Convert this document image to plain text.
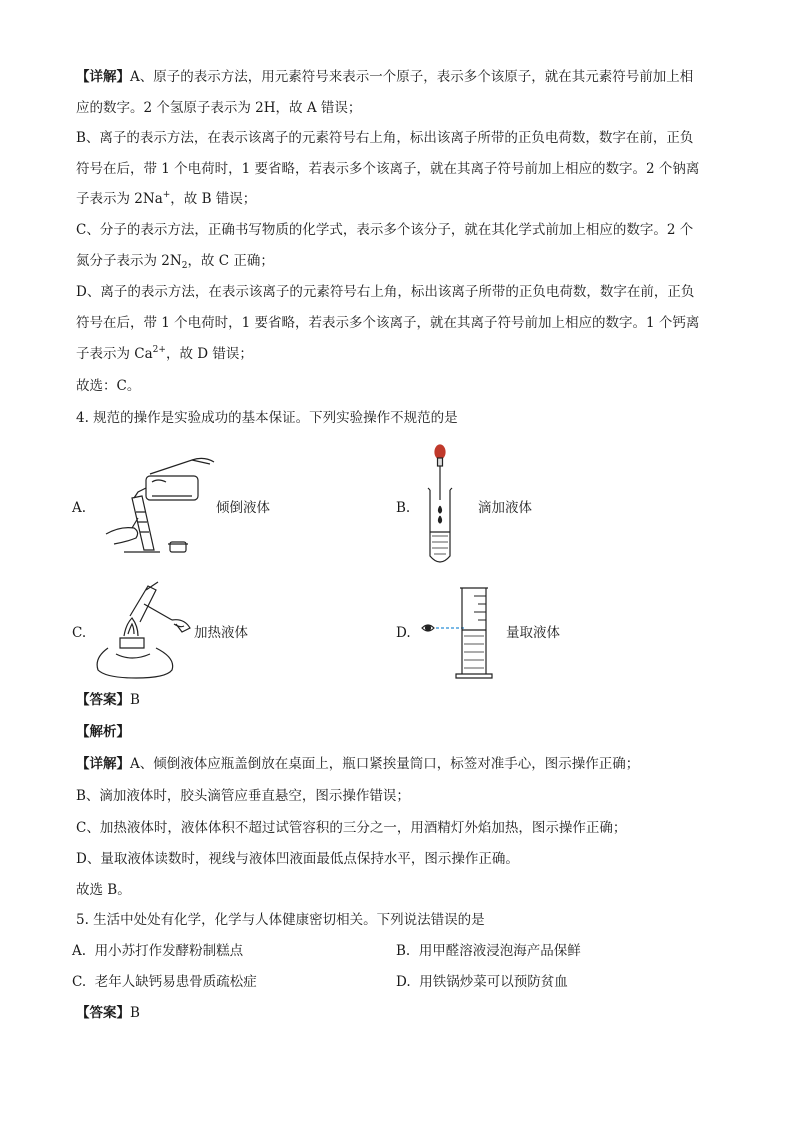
【详解】A、原子的表示方法，用元素符号来表示一个原子，表示多个该原子，就在其元素符号前加上相
应的数字。2 个氢原子表示为 2H，故 A 错误；
B、离子的表示方法，在表示该离子的元素符号右上角，标出该离子所带的正负电荷数，数字在前，正负
符号在后，带 1 个电荷时，1 要省略，若表示多个该离子，就在其离子符号前加上相应的数字。2 个钠离
子表示为 2Na+，故 B 错误；
C、分子的表示方法，正确书写物质的化学式，表示多个该分子，就在其化学式前加上相应的数字。2 个
氮分子表示为 $2N_2$，故 C 正确；
D、离子的表示方法，在表示该离子的元素符号右上角，标出该离子所带的正负电荷数，数字在前，正负
符号在后，带 1 个电荷时，1 要省略，若表示多个该离子，就在其离子符号前加上相应的数字。1 个钙离
子表示为 $Ca^{2+}$，故 D 错误；
故选：C。
4. 规范的操作是实验成功的基本保证。下列实验操作不规范的是
A.	倾倒液体	B.	滴加液体
C.	加热液体	D.	量取液体
【答案】B
【解析】
【详解】A、倾倒液体应瓶盖倒放在桌面上，瓶口紧挨量筒口，标签对准手心，图示操作正确；
B、滴加液体时，胶头滴管应垂直悬空，图示操作错误；
C、加热液体时，液体体积不超过试管容积的三分之一，用酒精灯外焰加热，图示操作正确；
D、量取液体读数时，视线与液体凹液面最低点保持水平，图示操作正确。
故选 B。
5. 生活中处处有化学，化学与人体健康密切相关。下列说法错误的是
A. 用小苏打作发酵粉制糕点	B. 用甲醛溶液浸泡海产品保鲜
C. 老年人缺钙易患骨质疏松症	D. 用铁锅炒菜可以预防贫血
【答案】B
